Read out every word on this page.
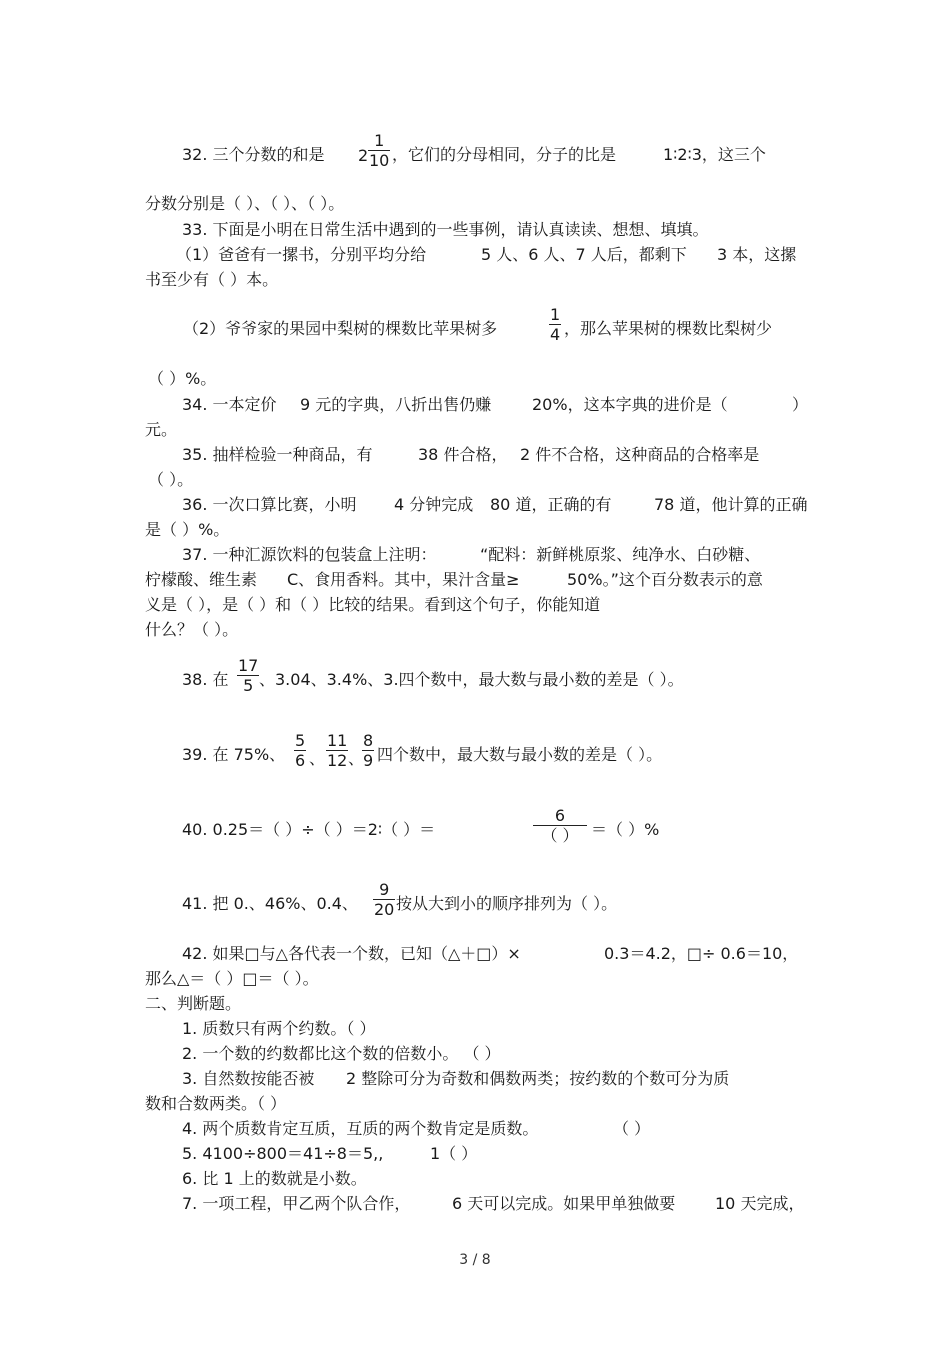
32. 三个分数的和是 $2 \frac{1}{10}$ ，它们的分母相同，分子的比是	1∶2∶3，这三个
分数分别是（ ）、（ ）、（ ）。
33. 下面是小明在日常生活中遇到的一些事例，请认真读读、想想、填填。
（1）爸爸有一摞书，分别平均分给	5 人、6 人、7 人后，都剩下 3 本，这摞
书至少有（ ）本。
（2）爷爷家的果园中梨树的棵数比苹果树多	$\frac{1}{4}$ ，那么苹果树的棵数比梨树少
（ ）%。
34. 一本定价 9 元的字典，八折出售仍赚	20%，这本字典的进价是（	）
元。
35. 抽样检验一种商品，有	38 件合格， 2 件不合格，这种商品的合格率是
（ ）。
36. 一次口算比赛，小明 4 分钟完成 80 道，正确的有	78 道，他计算的正确
是（ ）%。
37. 一种汇源饮料的包装盒上注明：	“配料：新鲜桃原浆、纯净水、白砂糖、
柠檬酸、维生素 C、食用香料。其中，果汁含量≥	50%。”这个百分数表示的意
义是（ ），是（ ）和（ ）比较的结果。看到这个句子，你能知道
什么？（ ）。
38. 在 $\frac{17}{5}$ 、3.04、3.4%、3.四个数中，最大数与最小数的差是（ ）。
39. 在 75%、 $\frac{5}{6}$ 、 $\frac{11}{12}$ 、
$\frac{8}{9}$ 四个数中，最大数与最小数的差是（ ）。
40. 0.25＝（ ）÷（ ）＝2∶（ ）＝
6
（ ） ＝（ ）%
41. 把 0.、46%、0.4、 $\frac{9}{20}$ 按从大到小的顺序排列为（ ）。
42. 如果□与△各代表一个数，已知（△＋□）×	0.3＝4.2，□÷ 0.6＝10，
那么△＝（ ）□＝（ ）。
二、判断题。
1. 质数只有两个约数。（ ）
2. 一个数的约数都比这个数的倍数小。 （ ）
3. 自然数按能否被 2 整除可分为奇数和偶数两类；按约数的个数可分为质
数和合数两类。（ ）
4. 两个质数肯定互质，互质的两个数肯定是质数。	（ ）
5. 4100÷800＝41÷8＝5,,	1（ ）
6. 比 1 上的数就是小数。
7. 一项工程，甲乙两个队合作，	6 天可以完成。如果甲单独做要 10 天完成，
3 / 8
